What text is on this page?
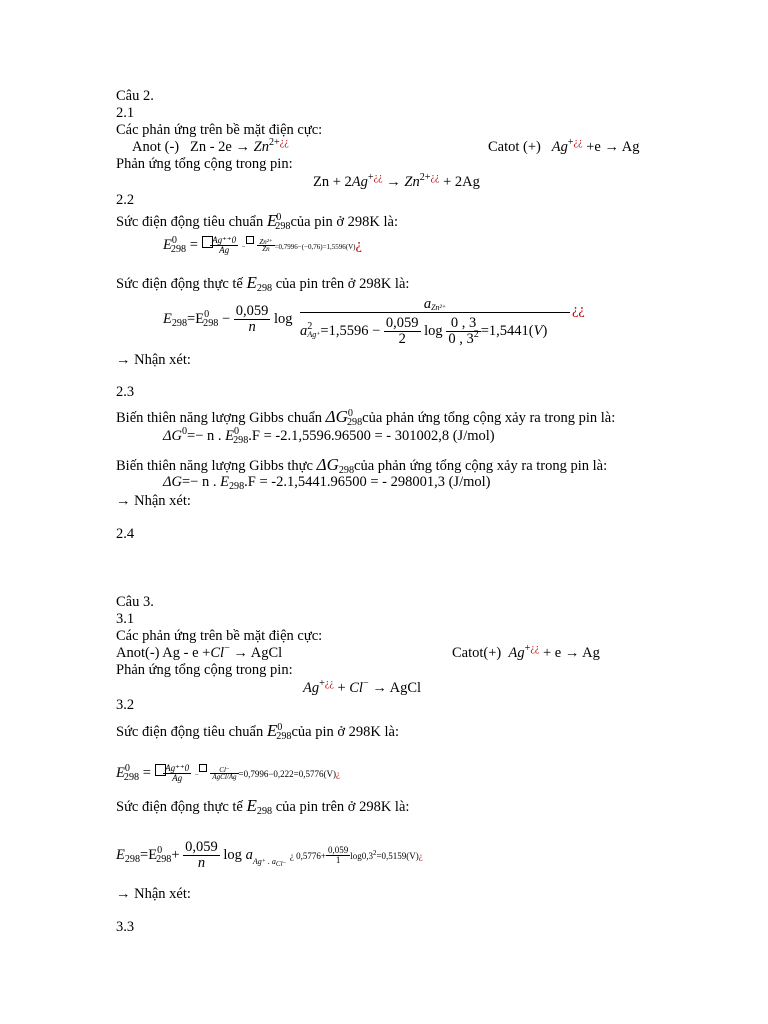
Câu 2.
2.1
Các phản ứng trên bề mặt điện cực:
Anot (-) $Zn - 2e \to Zn^{2+¿¿}$	Catot (+) Ag+¿¿ +e → Ag
Phản ứng tổng cộng trong pin:
$Zn + 2Ag^{+¿¿} \to Zn^{2+¿¿} + 2Ag$
2.2
Sức điện động tiêu chuẩn $E^0_{298}của$ pin ở 298K là:
$E^0_{298} = \frac{Ag^{++}0}{Ag} - \frac{\text{Zn²⁺}}{Zn}$ =0,7996−(−0,76)=1,5596(V)¿
Sức điện động thực tế $E_{298}$ của pin trên ở 298K là:
$E_{298}=E^0_{298} - \frac{0,059}{n}$ log
$a_{Zn^{2+}}$	¿¿
$a^2_{Ag^+}=1,5596 - \frac{0,059}{2}$ $\log \frac{0 , 3}{0 , 3^2} =1,5441(V)$
→ Nhận xét:
2.3
Biến thiên năng lượng Gibbs chuẩn $\Delta G^0_{298}của$ phản ứng tổng cộng xảy ra trong pin là:
$\Delta G^0=- n$ . $E^0_{298}.F = -2.1,5596.96500$ = - 301002,8 (J/mol)
Biến thiên năng lượng Gibbs thực $\Delta G_{298}của$ phản ứng tổng cộng xảy ra trong pin là:
ΔG=− n . $E_{298}.F = -2.1,5441.96500$ = - 298001,3 (J/mol)
→ Nhận xét:
2.4
Câu 3.
3.1
Các phản ứng trên bề mặt điện cực:
Anot(-) Ag - e +Cl− → AgCl	Catot(+) Ag+¿¿ + e → Ag
Phản ứng tổng cộng trong pin:
Ag+¿¿ + Cl− → AgCl
3.2
Sức điện động tiêu chuẩn $E^0_{298}của$ pin ở 298K là:
$E^0_{298} = \frac{Ag^{++}0}{Ag} - \frac{Cl^-}{\text{AgCl/Ag}}$ =0,7996−0,222=0,5776(V)¿
Sức điện động thực tế $E_{298}$ của pin trên ở 298K là:
$E_{298}=E^0_{298}+ \frac{0,059}{n}$ $\log a_{Ag^+ . a_{Cl^-}}$ ¿ $0,5776+ \frac{0,059}{1}$ $\log 0,3^2=0,5159(V)¿$
→ Nhận xét:
3.3
